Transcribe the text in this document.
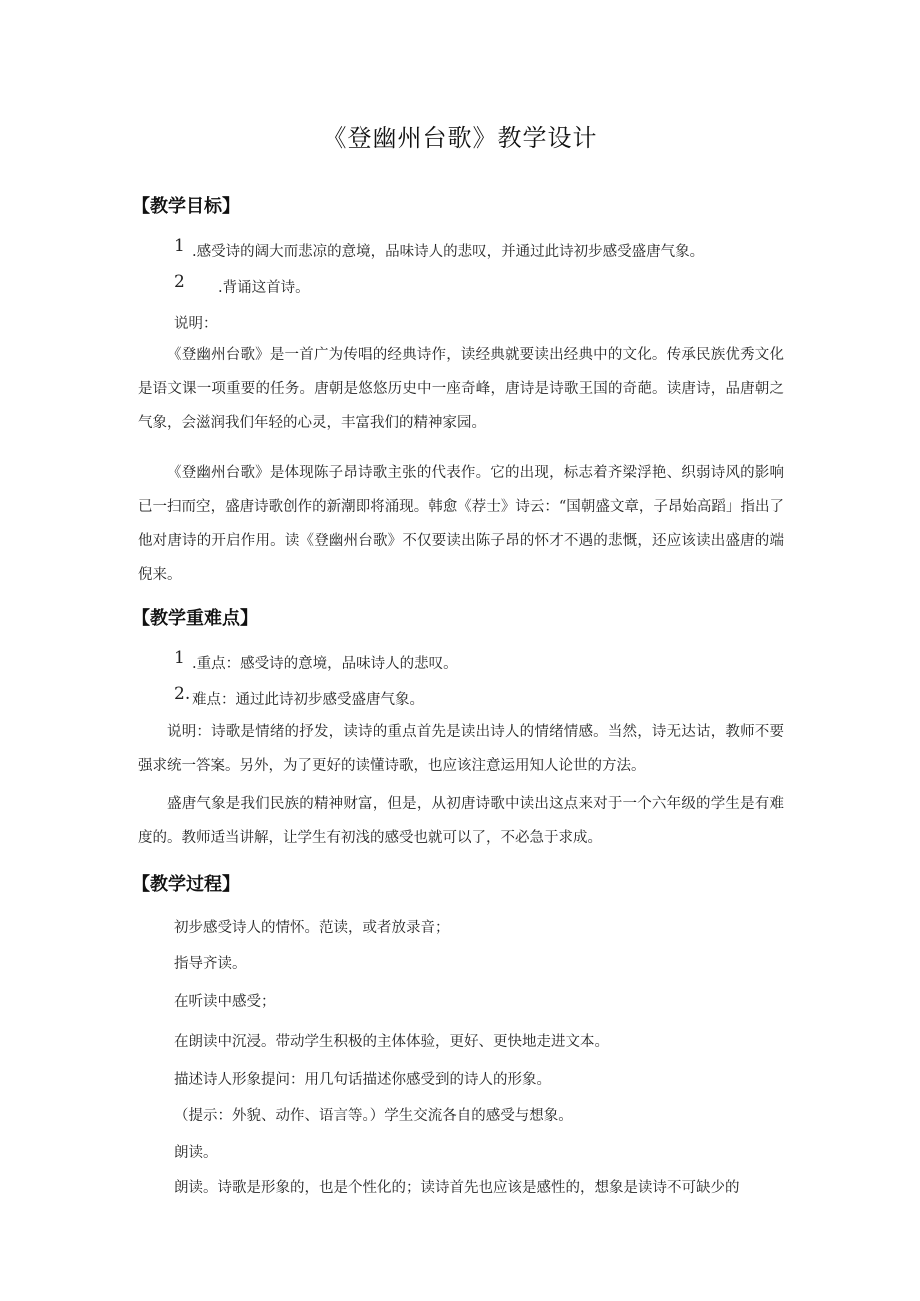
《登幽州台歌》教学设计
【教学目标】
1 .感受诗的阔大而悲凉的意境，品味诗人的悲叹，并通过此诗初步感受盛唐气象。
2 .背诵这首诗。
说明：
《登幽州台歌》是一首广为传唱的经典诗作，读经典就要读出经典中的文化。传承民族优秀文化是语文课一项重要的任务。唐朝是悠悠历史中一座奇峰，唐诗是诗歌王国的奇葩。读唐诗，品唐朝之气象，会滋润我们年轻的心灵，丰富我们的精神家园。
《登幽州台歌》是体现陈子昂诗歌主张的代表作。它的出现，标志着齐梁浮艳、织弱诗风的影响已一扫而空，盛唐诗歌创作的新潮即将涌现。韩愈《荐士》诗云：“国朝盛文章，子昂始高蹈」指出了他对唐诗的开启作用。读《登幽州台歌》不仅要读出陈子昂的怀才不遇的悲慨，还应该读出盛唐的端倪来。
【教学重难点】
1 .重点：感受诗的意境，品味诗人的悲叹。
2. 难点：通过此诗初步感受盛唐气象。
说明：诗歌是情绪的抒发，读诗的重点首先是读出诗人的情绪情感。当然，诗无达诂，教师不要强求统一答案。另外，为了更好的读懂诗歌，也应该注意运用知人论世的方法。
盛唐气象是我们民族的精神财富，但是，从初唐诗歌中读出这点来对于一个六年级的学生是有难度的。教师适当讲解，让学生有初浅的感受也就可以了，不必急于求成。
【教学过程】
初步感受诗人的情怀。范读，或者放录音；
指导齐读。
在听读中感受；
在朗读中沉浸。带动学生积极的主体体验，更好、更快地走进文本。
描述诗人形象提问：用几句话描述你感受到的诗人的形象。
（提示：外貌、动作、语言等。）学生交流各自的感受与想象。
朗读。
朗读。诗歌是形象的，也是个性化的；读诗首先也应该是感性的，想象是读诗不可缺少的
